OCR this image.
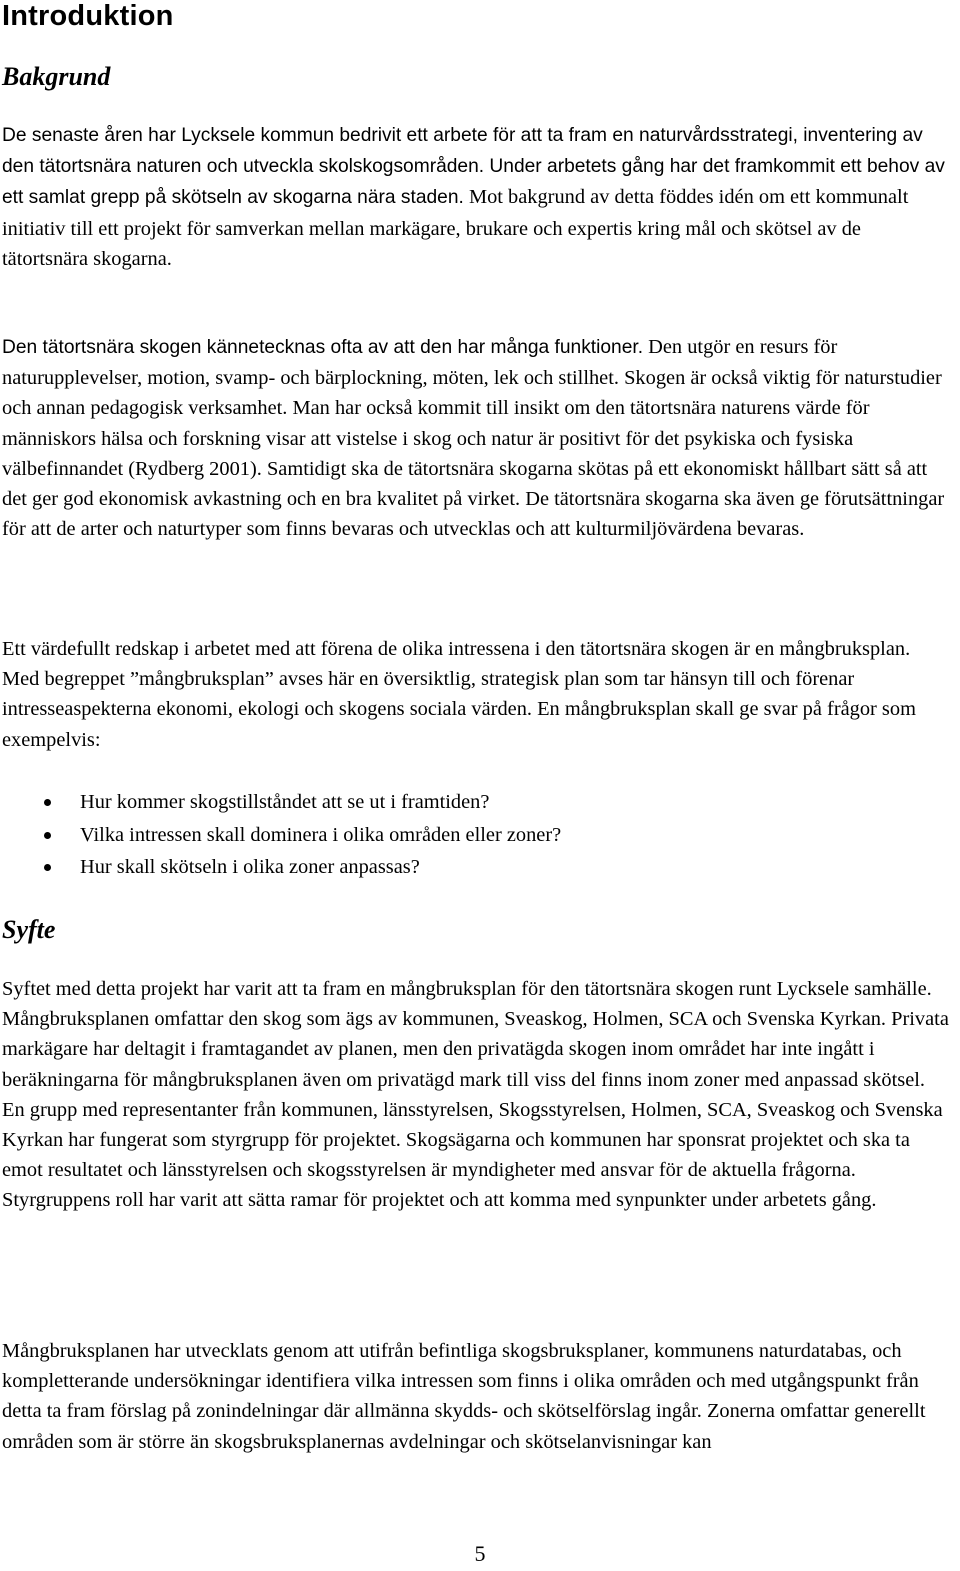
Introduktion
Bakgrund

De senaste åren har Lycksele kommun bedrivit ett arbete för att ta fram en naturvårdsstrategi, inventering av den tätortsnära naturen och utveckla skolskogsområden. Under arbetets gång har det framkommit ett behov av ett samlat grepp på skötseln av skogarna nära staden. Mot bakgrund av detta föddes idén om ett kommunalt initiativ till ett projekt för samverkan mellan markägare, brukare och expertis kring mål och skötsel av de tätortsnära skogarna.

Den tätortsnära skogen kännetecknas ofta av att den har många funktioner. Den utgör en resurs för naturupplevelser, motion, svamp- och bärplockning, möten, lek och stillhet. Skogen är också viktig för naturstudier och annan pedagogisk verksamhet. Man har också kommit till insikt om den tätortsnära naturens värde för människors hälsa och forskning visar att vistelse i skog och natur är positivt för det psykiska och fysiska välbefinnandet (Rydberg 2001). Samtidigt ska de tätortsnära skogarna skötas på ett ekonomiskt hållbart sätt så att det ger god ekonomisk avkastning och en bra kvalitet på virket. De tätortsnära skogarna ska även ge förutsättningar för att de arter och naturtyper som finns bevaras och utvecklas och att kulturmiljövärdena bevaras.

Ett värdefullt redskap i arbetet med att förena de olika intressena i den tätortsnära skogen är en mångbruksplan. Med begreppet ”mångbruksplan” avses här en översiktlig, strategisk plan som tar hänsyn till och förenar intresseaspekterna ekonomi, ekologi och skogens sociala värden. En mångbruksplan skall ge svar på frågor som exempelvis:

Hur kommer skogstillståndet att se ut i framtiden?
Vilka intressen skall dominera i olika områden eller zoner?
Hur skall skötseln i olika zoner anpassas?
Syfte

Syftet med detta projekt har varit att ta fram en mångbruksplan för den tätortsnära skogen runt Lycksele samhälle. Mångbruksplanen omfattar den skog som ägs av kommunen, Sveaskog, Holmen, SCA och Svenska Kyrkan. Privata markägare har deltagit i framtagandet av planen, men den privatägda skogen inom området har inte ingått i beräkningarna för mångbruksplanen även om privatägd mark till viss del finns inom zoner med anpassad skötsel. En grupp med representanter från kommunen, länsstyrelsen, Skogsstyrelsen, Holmen, SCA, Sveaskog och Svenska Kyrkan har fungerat som styrgrupp för projektet. Skogsägarna och kommunen har sponsrat projektet och ska ta emot resultatet och länsstyrelsen och skogsstyrelsen är myndigheter med ansvar för de aktuella frågorna. Styrgruppens roll har varit att sätta ramar för projektet och att komma med synpunkter under arbetets gång.

Mångbruksplanen har utvecklats genom att utifrån befintliga skogsbruksplaner, kommunens naturdatabas, och kompletterande undersökningar identifiera vilka intressen som finns i olika områden och med utgångspunkt från detta ta fram förslag på zonindelningar där allmänna skydds- och skötselförslag ingår. Zonerna omfattar generellt områden som är större än skogsbruksplanernas avdelningar och skötselanvisningar kan

5
